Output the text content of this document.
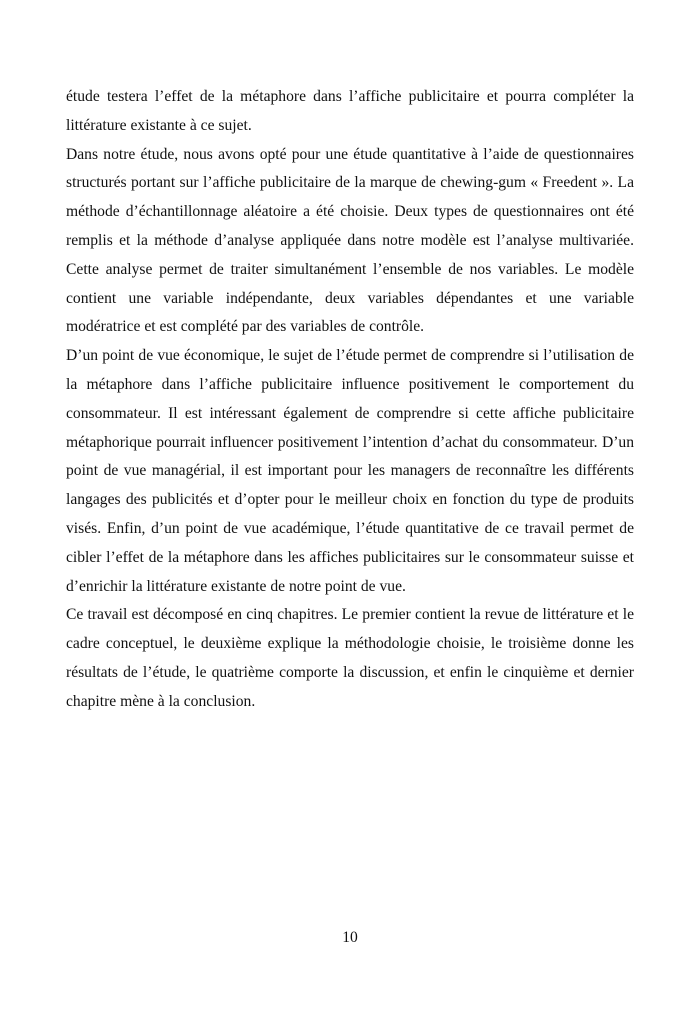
étude testera l’effet de la métaphore dans l’affiche publicitaire et pourra compléter la littérature existante à ce sujet.

Dans notre étude, nous avons opté pour une étude quantitative à l’aide de questionnaires structurés portant sur l’affiche publicitaire de la marque de chewing-gum « Freedent ». La méthode d’échantillonnage aléatoire a été choisie. Deux types de questionnaires ont été remplis et la méthode d’analyse appliquée dans notre modèle est l’analyse multivariée. Cette analyse permet de traiter simultanément l’ensemble de nos variables. Le modèle contient une variable indépendante, deux variables dépendantes et une variable modératrice et est complété par des variables de contrôle.

D’un point de vue économique, le sujet de l’étude permet de comprendre si l’utilisation de la métaphore dans l’affiche publicitaire influence positivement le comportement du consommateur. Il est intéressant également de comprendre si cette affiche publicitaire métaphorique pourrait influencer positivement l’intention d’achat du consommateur. D’un point de vue managérial, il est important pour les managers de reconnaître les différents langages des publicités et d’opter pour le meilleur choix en fonction du type de produits visés. Enfin, d’un point de vue académique, l’étude quantitative de ce travail permet de cibler l’effet de la métaphore dans les affiches publicitaires sur le consommateur suisse et d’enrichir la littérature existante de notre point de vue.

Ce travail est décomposé en cinq chapitres. Le premier contient la revue de littérature et le cadre conceptuel, le deuxième explique la méthodologie choisie, le troisième donne les résultats de l’étude, le quatrième comporte la discussion, et enfin le cinquième et dernier chapitre mène à la conclusion.

10
